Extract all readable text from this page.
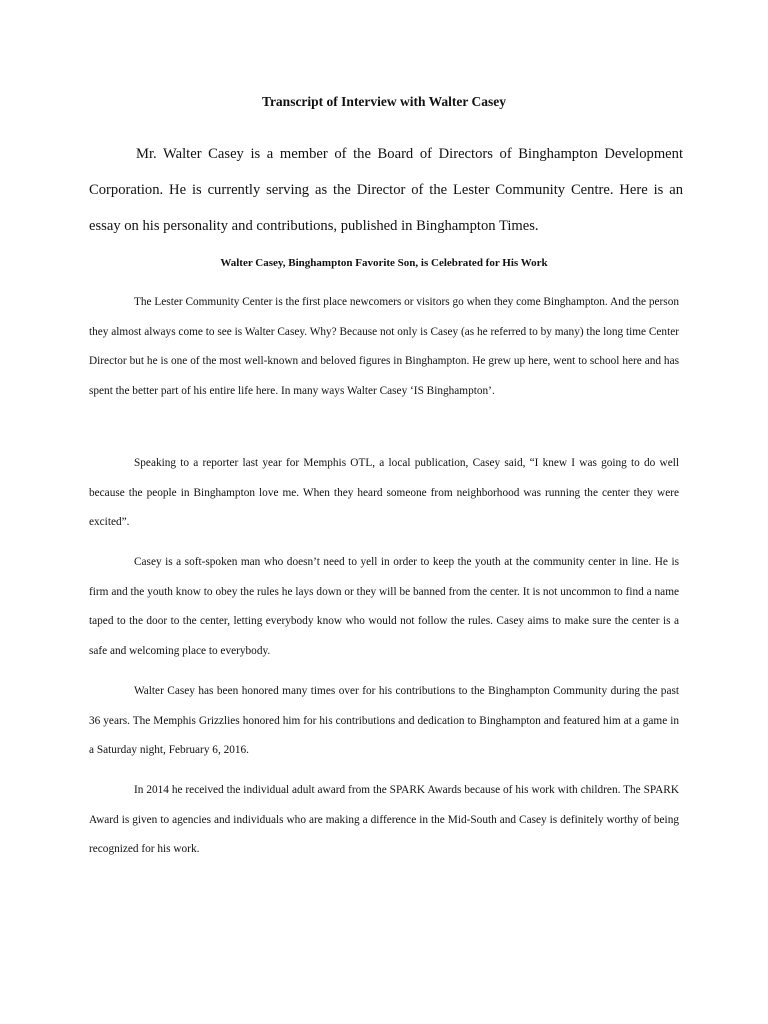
Transcript of Interview with Walter Casey

Mr. Walter Casey is a member of the Board of Directors of Binghampton Development Corporation. He is currently serving as the Director of the Lester Community Centre. Here is an essay on his personality and contributions, published in Binghampton Times.

Walter Casey, Binghampton Favorite Son, is Celebrated for His Work

The Lester Community Center is the first place newcomers or visitors go when they come Binghampton. And the person they almost always come to see is Walter Casey. Why? Because not only is Casey (as he referred to by many) the long time Center Director but he is one of the most well-known and beloved figures in Binghampton. He grew up here, went to school here and has spent the better part of his entire life here. In many ways Walter Casey ‘IS Binghampton’.

Speaking to a reporter last year for Memphis OTL, a local publication, Casey said, “I knew I was going to do well because the people in Binghampton love me. When they heard someone from neighborhood was running the center they were excited”.

Casey is a soft-spoken man who doesn’t need to yell in order to keep the youth at the community center in line. He is firm and the youth know to obey the rules he lays down or they will be banned from the center. It is not uncommon to find a name taped to the door to the center, letting everybody know who would not follow the rules. Casey aims to make sure the center is a safe and welcoming place to everybody.

Walter Casey has been honored many times over for his contributions to the Binghampton Community during the past 36 years. The Memphis Grizzlies honored him for his contributions and dedication to Binghampton and featured him at a game in a Saturday night, February 6, 2016.

In 2014 he received the individual adult award from the SPARK Awards because of his work with children. The SPARK Award is given to agencies and individuals who are making a difference in the Mid-South and Casey is definitely worthy of being recognized for his work.
